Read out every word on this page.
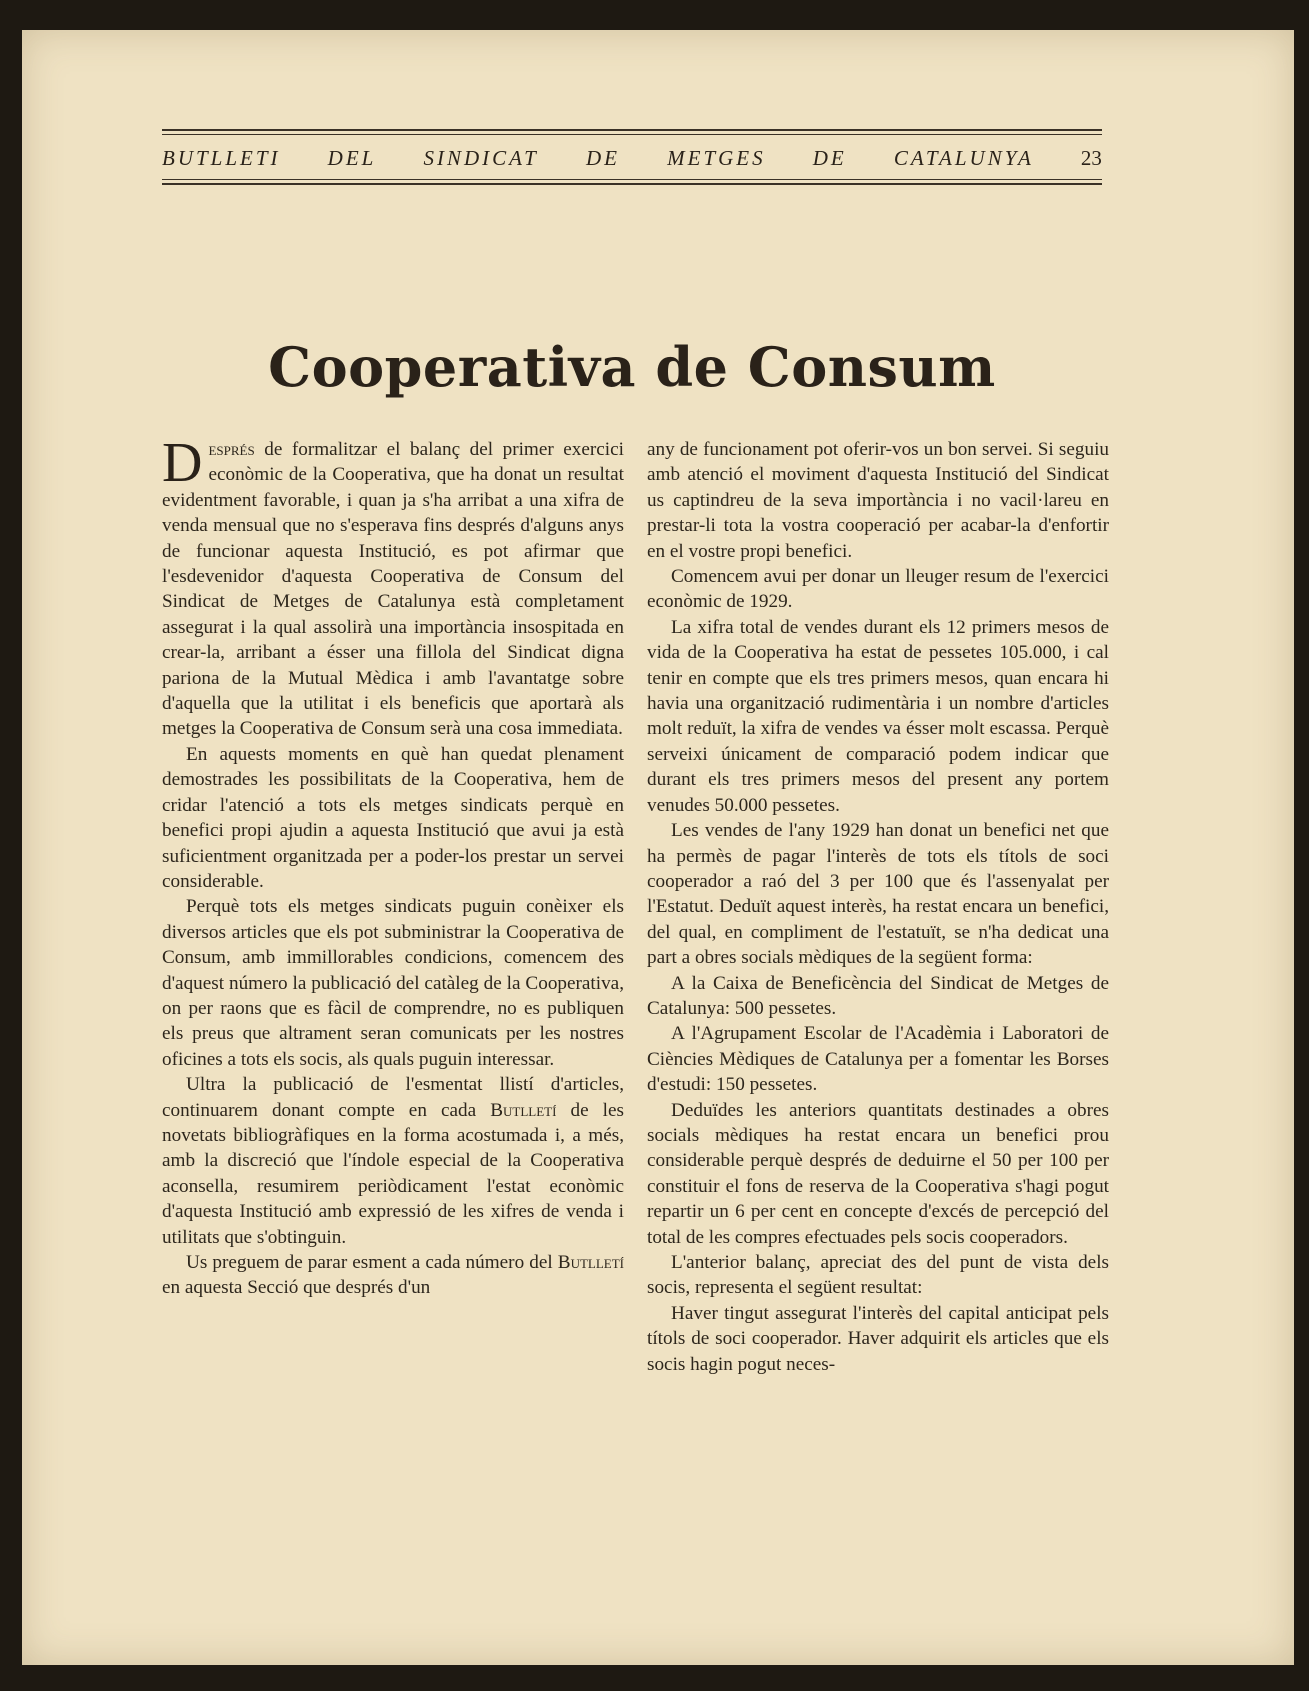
BUTLLETI DEL SINDICAT DE METGES DE CATALUNYA 23
Cooperativa de Consum

Després de formalitzar el balanç del primer exercici econòmic de la Cooperativa, que ha donat un resultat evidentment favorable, i quan ja s'ha arribat a una xifra de venda mensual que no s'esperava fins després d'alguns anys de funcionar aquesta Institució, es pot afirmar que l'esdevenidor d'aquesta Cooperativa de Consum del Sindicat de Metges de Catalunya està completament assegurat i la qual assolirà una importància insospitada en crear-la, arribant a ésser una fillola del Sindicat digna pariona de la Mutual Mèdica i amb l'avantatge sobre d'aquella que la utilitat i els beneficis que aportarà als metges la Cooperativa de Consum serà una cosa immediata.

En aquests moments en què han quedat plenament demostrades les possibilitats de la Cooperativa, hem de cridar l'atenció a tots els metges sindicats perquè en benefici propi ajudin a aquesta Institució que avui ja està suficientment organitzada per a poder-los prestar un servei considerable.

Perquè tots els metges sindicats puguin conèixer els diversos articles que els pot subministrar la Cooperativa de Consum, amb immillorables condicions, comencem des d'aquest número la publicació del catàleg de la Cooperativa, on per raons que es fàcil de comprendre, no es publiquen els preus que altrament seran comunicats per les nostres oficines a tots els socis, als quals puguin interessar.

Ultra la publicació de l'esmentat llistí d'articles, continuarem donant compte en cada Butlletí de les novetats bibliogràfiques en la forma acostumada i, a més, amb la discreció que l'índole especial de la Cooperativa aconsella, resumirem periòdicament l'estat econòmic d'aquesta Institució amb expressió de les xifres de venda i utilitats que s'obtinguin.

Us preguem de parar esment a cada número del Butlletí en aquesta Secció que després d'un

any de funcionament pot oferir-vos un bon servei. Si seguiu amb atenció el moviment d'aquesta Institució del Sindicat us captindreu de la seva importància i no vacil·lareu en prestar-li tota la vostra cooperació per acabar-la d'enfortir en el vostre propi benefici.

Comencem avui per donar un lleuger resum de l'exercici econòmic de 1929.

La xifra total de vendes durant els 12 primers mesos de vida de la Cooperativa ha estat de pessetes 105.000, i cal tenir en compte que els tres primers mesos, quan encara hi havia una organització rudimentària i un nombre d'articles molt reduït, la xifra de vendes va ésser molt escassa. Perquè serveixi únicament de comparació podem indicar que durant els tres primers mesos del present any portem venudes 50.000 pessetes.

Les vendes de l'any 1929 han donat un benefici net que ha permès de pagar l'interès de tots els títols de soci cooperador a raó del 3 per 100 que és l'assenyalat per l'Estatut. Deduït aquest interès, ha restat encara un benefici, del qual, en compliment de l'estatuït, se n'ha dedicat una part a obres socials mèdiques de la següent forma:

A la Caixa de Beneficència del Sindicat de Metges de Catalunya: 500 pessetes.

A l'Agrupament Escolar de l'Acadèmia i Laboratori de Ciències Mèdiques de Catalunya per a fomentar les Borses d'estudi: 150 pessetes.

Deduïdes les anteriors quantitats destinades a obres socials mèdiques ha restat encara un benefici prou considerable perquè després de deduirne el 50 per 100 per constituir el fons de reserva de la Cooperativa s'hagi pogut repartir un 6 per cent en concepte d'excés de percepció del total de les compres efectuades pels socis cooperadors.

L'anterior balanç, apreciat des del punt de vista dels socis, representa el següent resultat:

Haver tingut assegurat l'interès del capital anticipat pels títols de soci cooperador. Haver adquirit els articles que els socis hagin pogut neces-
